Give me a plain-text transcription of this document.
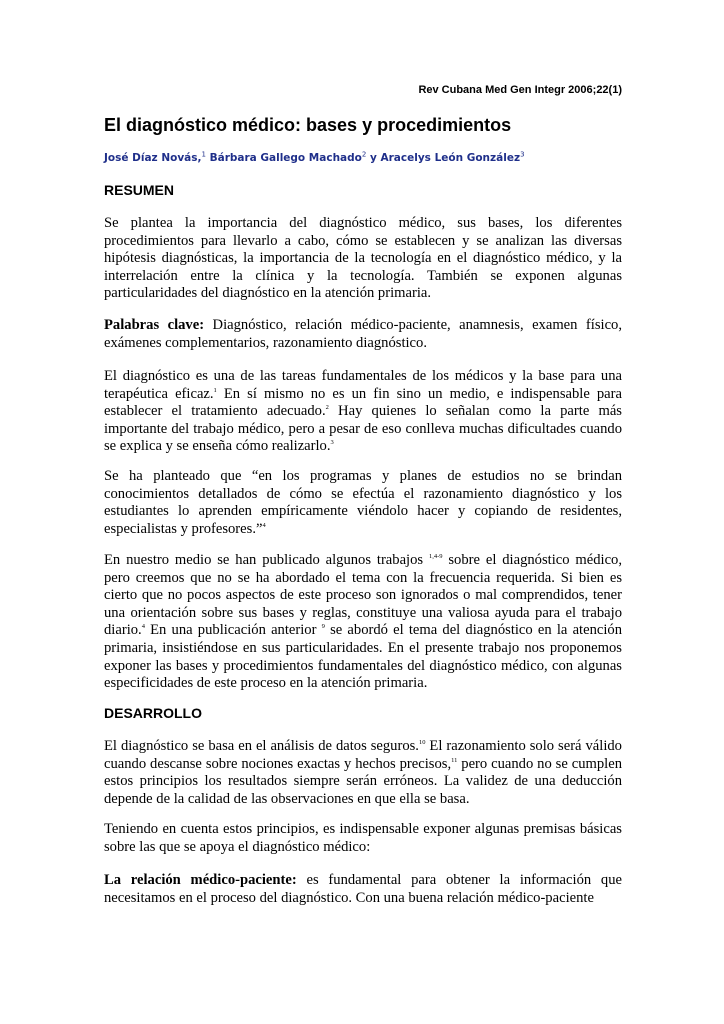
Rev Cubana Med Gen Integr 2006;22(1)
El diagnóstico médico: bases y procedimientos
José Díaz Novás,$^1$ Bárbara Gallego Machado$^2$ y Aracelys León González$^3$
RESUMEN

Se plantea la importancia del diagnóstico médico, sus bases, los diferentes procedimientos para llevarlo a cabo, cómo se establecen y se analizan las diversas hipótesis diagnósticas, la importancia de la tecnología en el diagnóstico médico, y la interrelación entre la clínica y la tecnología. También se exponen algunas particularidades del diagnóstico en la atención primaria.

Palabras clave: Diagnóstico, relación médico-paciente, anamnesis, examen físico, exámenes complementarios, razonamiento diagnóstico.

El diagnóstico es una de las tareas fundamentales de los médicos y la base para una terapéutica eficaz.$^1$ En sí mismo no es un fin sino un medio, e indispensable para establecer el tratamiento adecuado.$^2$ Hay quienes lo señalan como la parte más importante del trabajo médico, pero a pesar de eso conlleva muchas dificultades cuando se explica y se enseña cómo realizarlo.$^3$

Se ha planteado que “en los programas y planes de estudios no se brindan conocimientos detallados de cómo se efectúa el razonamiento diagnóstico y los estudiantes lo aprenden empíricamente viéndolo hacer y copiando de residentes, especialistas y profesores.”$^4$

En nuestro medio se han publicado algunos trabajos $^{1,4-9}$ sobre el diagnóstico médico, pero creemos que no se ha abordado el tema con la frecuencia requerida. Si bien es cierto que no pocos aspectos de este proceso son ignorados o mal comprendidos, tener una orientación sobre sus bases y reglas, constituye una valiosa ayuda para el trabajo diario.$^4$ En una publicación anterior $^9$ se abordó el tema del diagnóstico en la atención primaria, insistiéndose en sus particularidades. En el presente trabajo nos proponemos exponer las bases y procedimientos fundamentales del diagnóstico médico, con algunas especificidades de este proceso en la atención primaria.

DESARROLLO

El diagnóstico se basa en el análisis de datos seguros.$^{10}$ El razonamiento solo será válido cuando descanse sobre nociones exactas y hechos precisos,$^{11}$ pero cuando no se cumplen estos principios los resultados siempre serán erróneos. La validez de una deducción depende de la calidad de las observaciones en que ella se basa.

Teniendo en cuenta estos principios, es indispensable exponer algunas premisas básicas sobre las que se apoya el diagnóstico médico:

La relación médico-paciente: es fundamental para obtener la información que necesitamos en el proceso del diagnóstico. Con una buena relación médico-paciente
